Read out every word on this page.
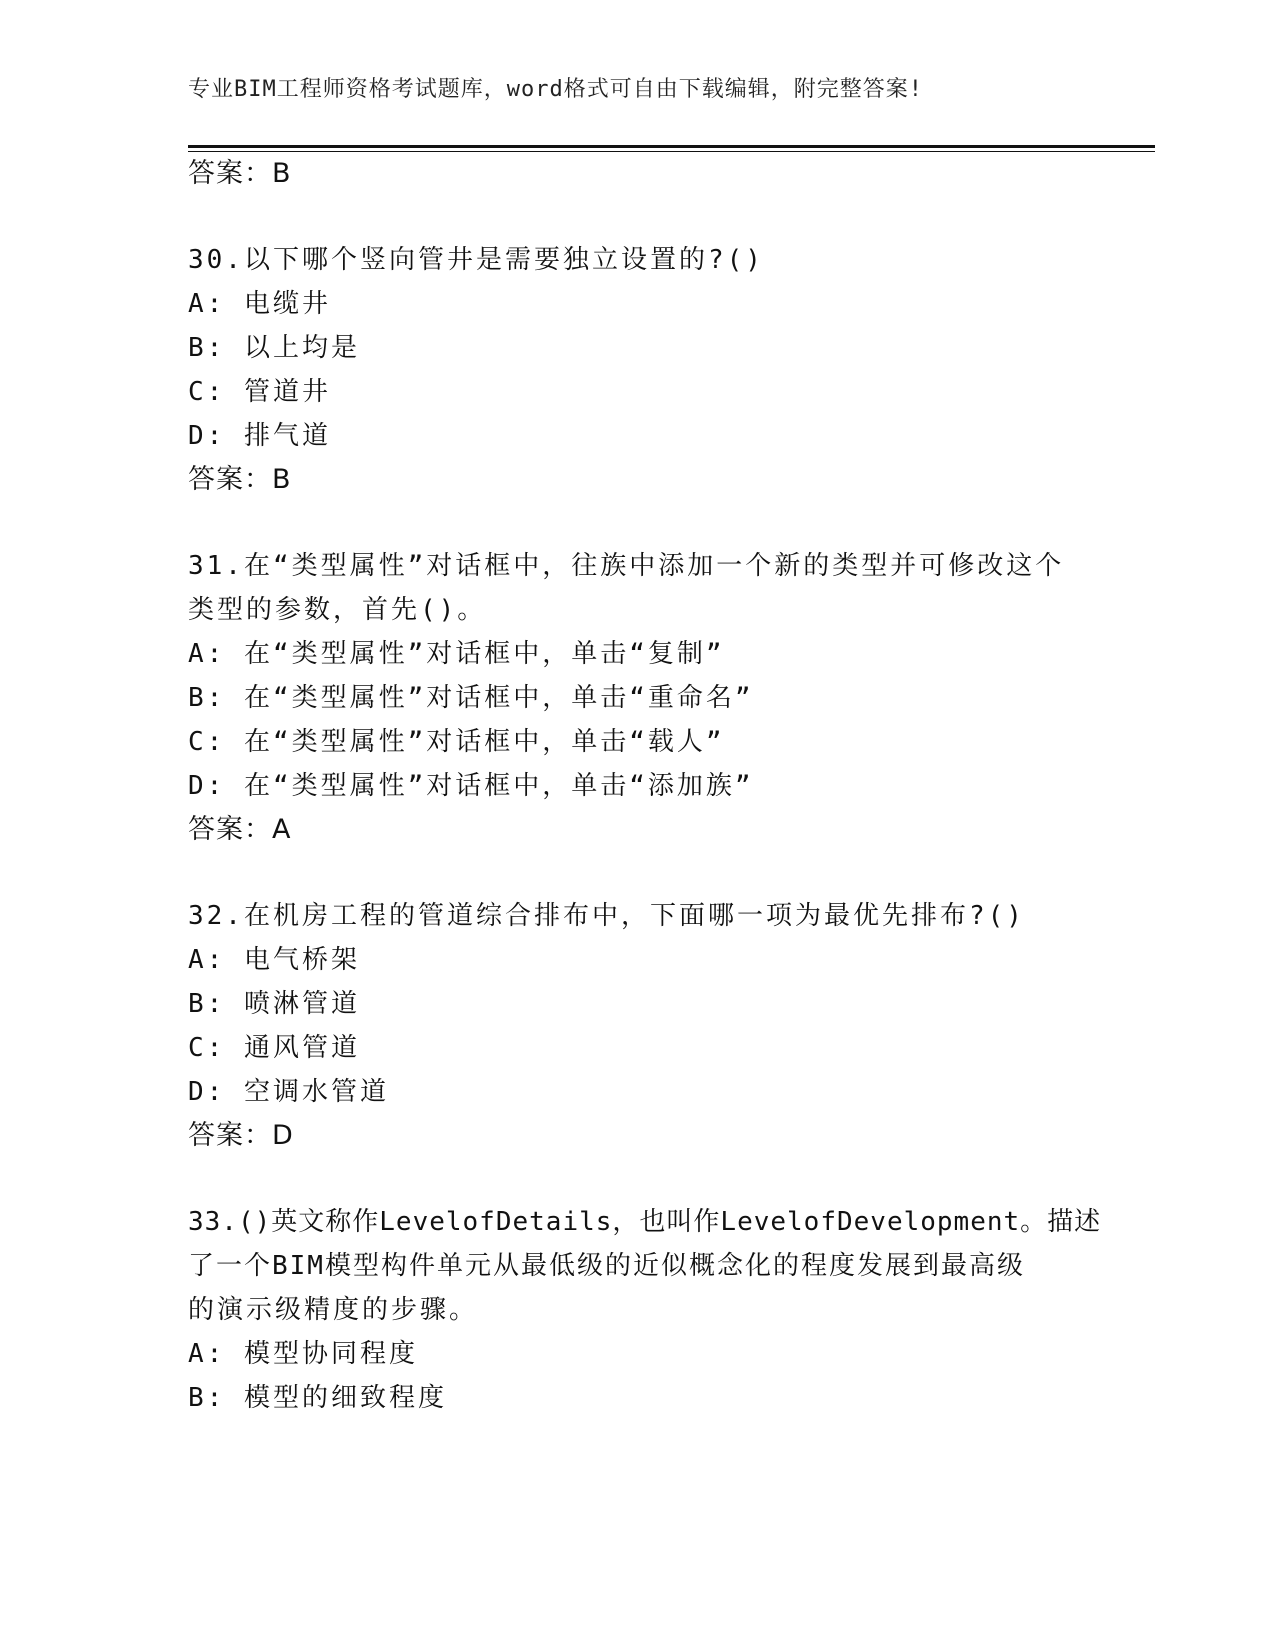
专业BIM工程师资格考试题库，word格式可自由下载编辑，附完整答案!
答案：B
30.以下哪个竖向管井是需要独立设置的?()
A: 电缆井
B: 以上均是
C: 管道井
D: 排气道
答案：B
31.在“类型属性”对话框中，往族中添加一个新的类型并可修改这个
类型的参数，首先()。
A: 在“类型属性”对话框中，单击“复制”
B: 在“类型属性”对话框中，单击“重命名”
C: 在“类型属性”对话框中，单击“载人”
D: 在“类型属性”对话框中，单击“添加族”
答案：A
32.在机房工程的管道综合排布中，下面哪一项为最优先排布?()
A: 电气桥架
B: 喷淋管道
C: 通风管道
D: 空调水管道
答案：D
33.()英文称作LevelofDetails，也叫作LevelofDevelopment。描述
了一个BIM模型构件单元从最低级的近似概念化的程度发展到最高级
的演示级精度的步骤。
A: 模型协同程度
B: 模型的细致程度
